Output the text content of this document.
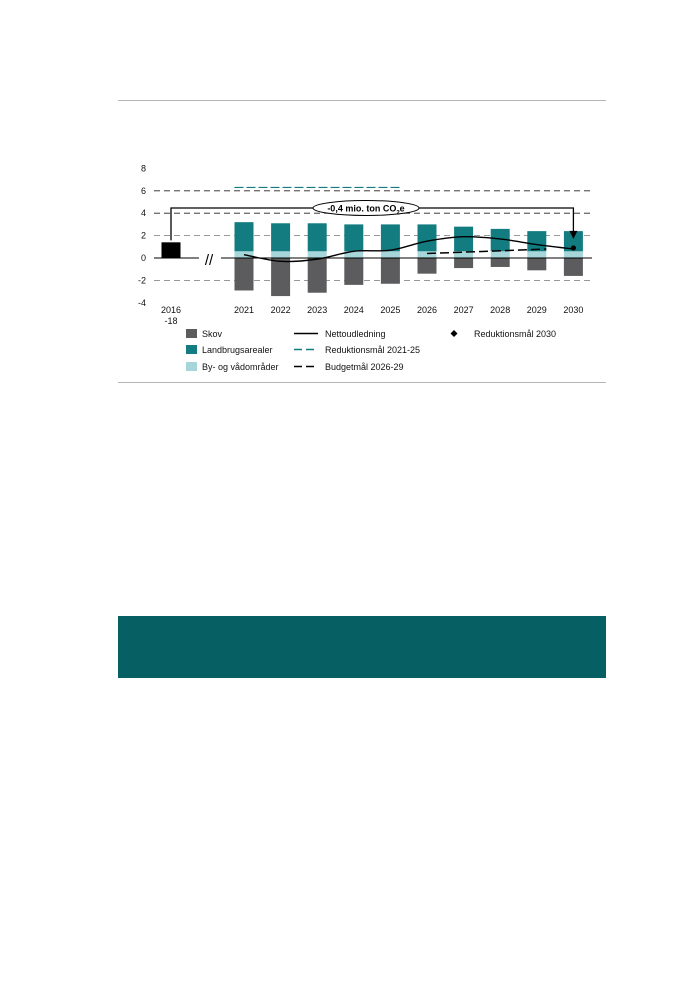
8
6
4
2
0
-2
-4
//
-0,4 mio. ton $CO_2e$
2016
-18
2021 2022 2023 2024 2025 2026 2027 2028 2029 2030
Skov	Nettoudledning	Reduktionsmål 2030
Landbrugsarealer	Reduktionsmål 2021-25
By- og vådområder	Budgetmål 2026-29
